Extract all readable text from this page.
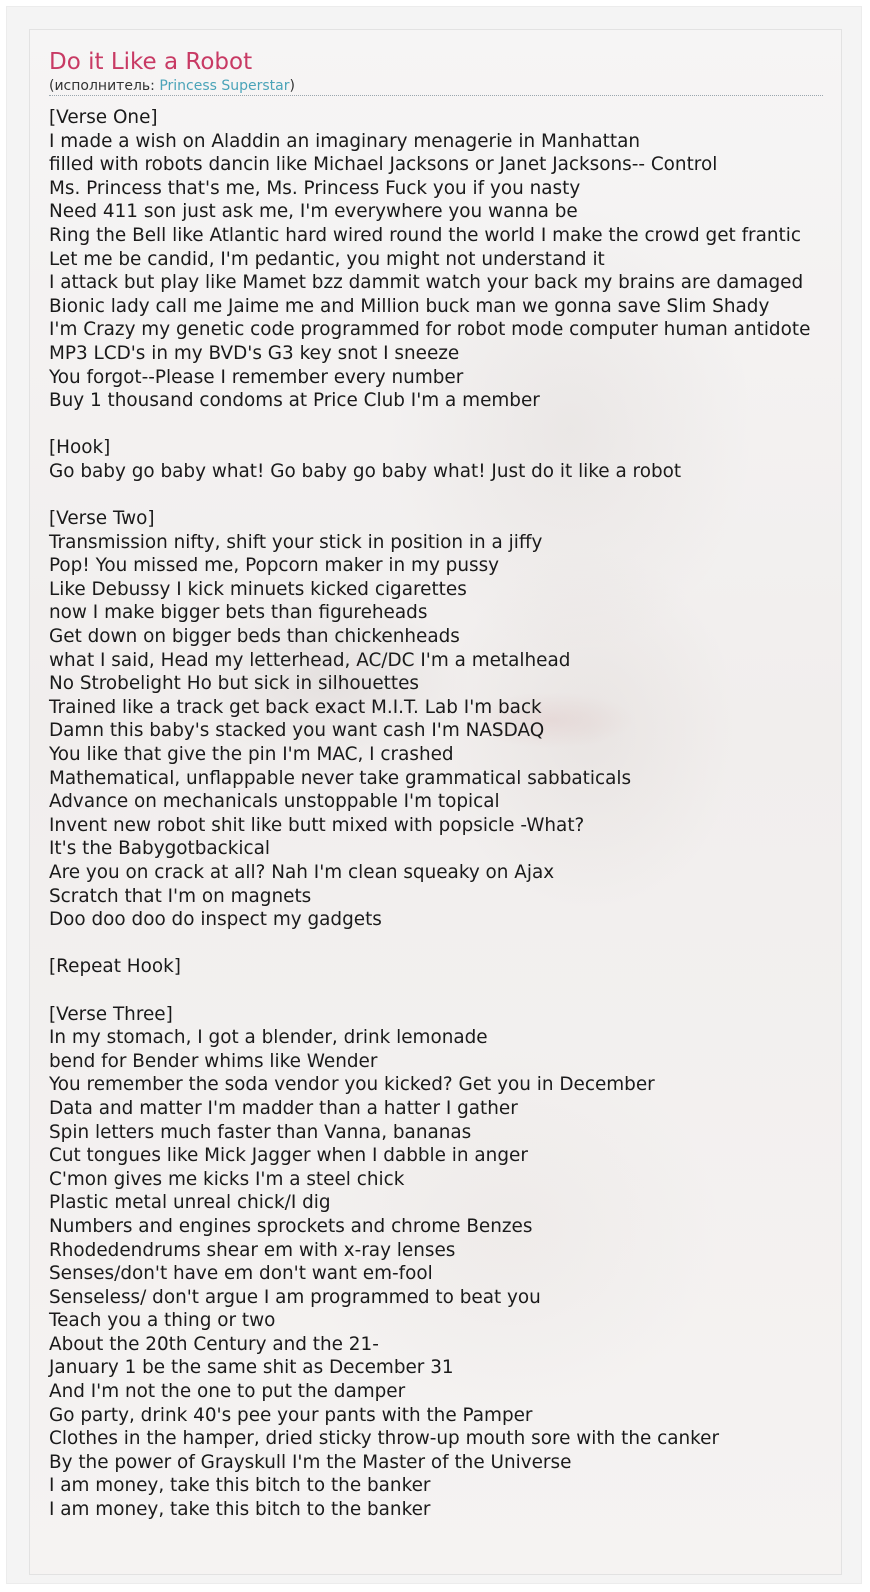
Do it Like a Robot
(исполнитель: Princess Superstar)
[Verse One]
I made a wish on Aladdin an imaginary menagerie in Manhattan
filled with robots dancin like Michael Jacksons or Janet Jacksons-- Control
Ms. Princess that's me, Ms. Princess Fuck you if you nasty
Need 411 son just ask me, I'm everywhere you wanna be
Ring the Bell like Atlantic hard wired round the world I make the crowd get frantic
Let me be candid, I'm pedantic, you might not understand it
I attack but play like Mamet bzz dammit watch your back my brains are damaged
Bionic lady call me Jaime me and Million buck man we gonna save Slim Shady
I'm Crazy my genetic code programmed for robot mode computer human antidote
MP3 LCD's in my BVD's G3 key snot I sneeze
You forgot--Please I remember every number
Buy 1 thousand condoms at Price Club I'm a member
[Hook]
Go baby go baby what! Go baby go baby what! Just do it like a robot
[Verse Two]
Transmission nifty, shift your stick in position in a jiffy
Pop! You missed me, Popcorn maker in my pussy
Like Debussy I kick minuets kicked cigarettes
now I make bigger bets than figureheads
Get down on bigger beds than chickenheads
what I said, Head my letterhead, AC/DC I'm a metalhead
No Strobelight Ho but sick in silhouettes
Trained like a track get back exact M.I.T. Lab I'm back
Damn this baby's stacked you want cash I'm NASDAQ
You like that give the pin I'm MAC, I crashed
Mathematical, unflappable never take grammatical sabbaticals
Advance on mechanicals unstoppable I'm topical
Invent new robot shit like butt mixed with popsicle -What?
It's the Babygotbackical
Are you on crack at all? Nah I'm clean squeaky on Ajax
Scratch that I'm on magnets
Doo doo doo do inspect my gadgets
[Repeat Hook]
[Verse Three]
In my stomach, I got a blender, drink lemonade
bend for Bender whims like Wender
You remember the soda vendor you kicked? Get you in December
Data and matter I'm madder than a hatter I gather
Spin letters much faster than Vanna, bananas
Cut tongues like Mick Jagger when I dabble in anger
C'mon gives me kicks I'm a steel chick
Plastic metal unreal chick/I dig
Numbers and engines sprockets and chrome Benzes
Rhodedendrums shear em with x-ray lenses
Senses/don't have em don't want em-fool
Senseless/ don't argue I am programmed to beat you
Teach you a thing or two
About the 20th Century and the 21-
January 1 be the same shit as December 31
And I'm not the one to put the damper
Go party, drink 40's pee your pants with the Pamper
Clothes in the hamper, dried sticky throw-up mouth sore with the canker
By the power of Grayskull I'm the Master of the Universe
I am money, take this bitch to the banker
I am money, take this bitch to the banker
